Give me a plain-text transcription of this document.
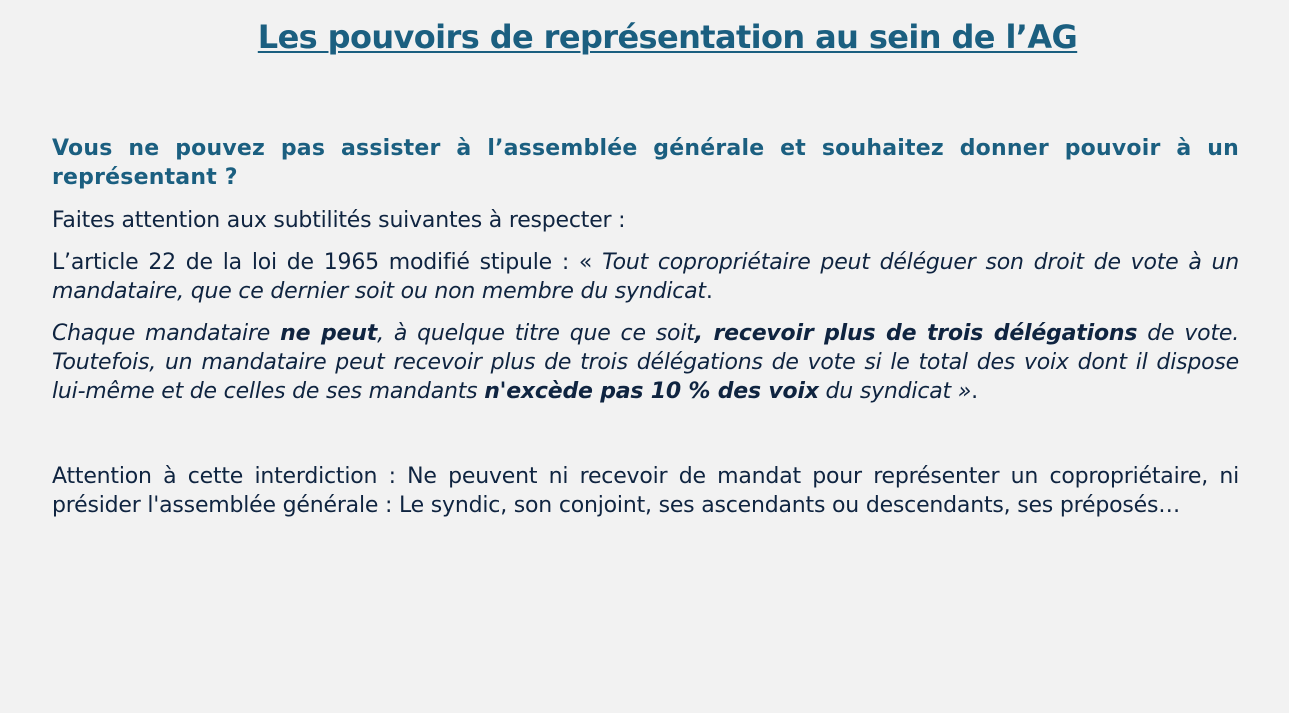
Les pouvoirs de représentation au sein de l’AG

Vous ne pouvez pas assister à l’assemblée générale et souhaitez donner pouvoir à un représentant ?

Faites attention aux subtilités suivantes à respecter :

L’article 22 de la loi de 1965 modifié stipule : « Tout copropriétaire peut déléguer son droit de vote à un mandataire, que ce dernier soit ou non membre du syndicat.

Chaque mandataire ne peut, à quelque titre que ce soit, recevoir plus de trois délégations de vote. Toutefois, un mandataire peut recevoir plus de trois délégations de vote si le total des voix dont il dispose lui-même et de celles de ses mandants n'excède pas 10 % des voix du syndicat ».

Attention à cette interdiction : Ne peuvent ni recevoir de mandat pour représenter un copropriétaire, ni présider l'assemblée générale : Le syndic, son conjoint, ses ascendants ou descendants, ses préposés…
